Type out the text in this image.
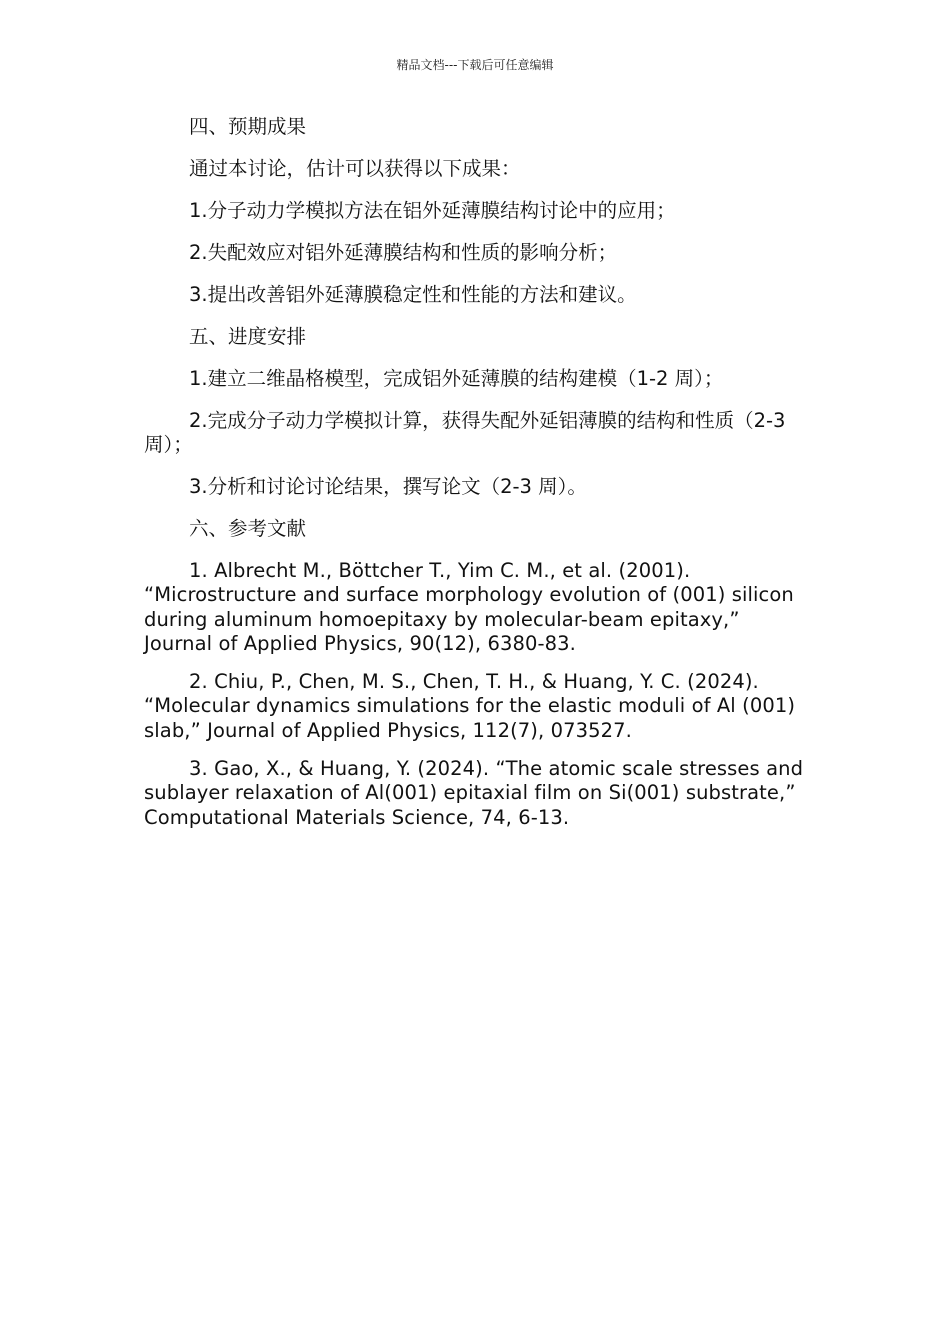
精品文档---下载后可任意编辑

四、预期成果

通过本讨论，估计可以获得以下成果：

1.分子动力学模拟方法在铝外延薄膜结构讨论中的应用；

2.失配效应对铝外延薄膜结构和性质的影响分析；

3.提出改善铝外延薄膜稳定性和性能的方法和建议。

五、进度安排

1.建立二维晶格模型，完成铝外延薄膜的结构建模（1-2 周）；

2.完成分子动力学模拟计算，获得失配外延铝薄膜的结构和性质（2-3 周）；

3.分析和讨论讨论结果，撰写论文（2-3 周）。

六、参考文献

1. Albrecht M., Böttcher T., Yim C. M., et al. (2001). “Microstructure and surface morphology evolution of (001) silicon during aluminum homoepitaxy by molecular-beam epitaxy,” Journal of Applied Physics, 90(12), 6380-83.

2. Chiu, P., Chen, M. S., Chen, T. H., & Huang, Y. C. (2024). “Molecular dynamics simulations for the elastic moduli of Al (001) slab,” Journal of Applied Physics, 112(7), 073527.

3. Gao, X., & Huang, Y. (2024). “The atomic scale stresses and sublayer relaxation of Al(001) epitaxial film on Si(001) substrate,” Computational Materials Science, 74, 6-13.
